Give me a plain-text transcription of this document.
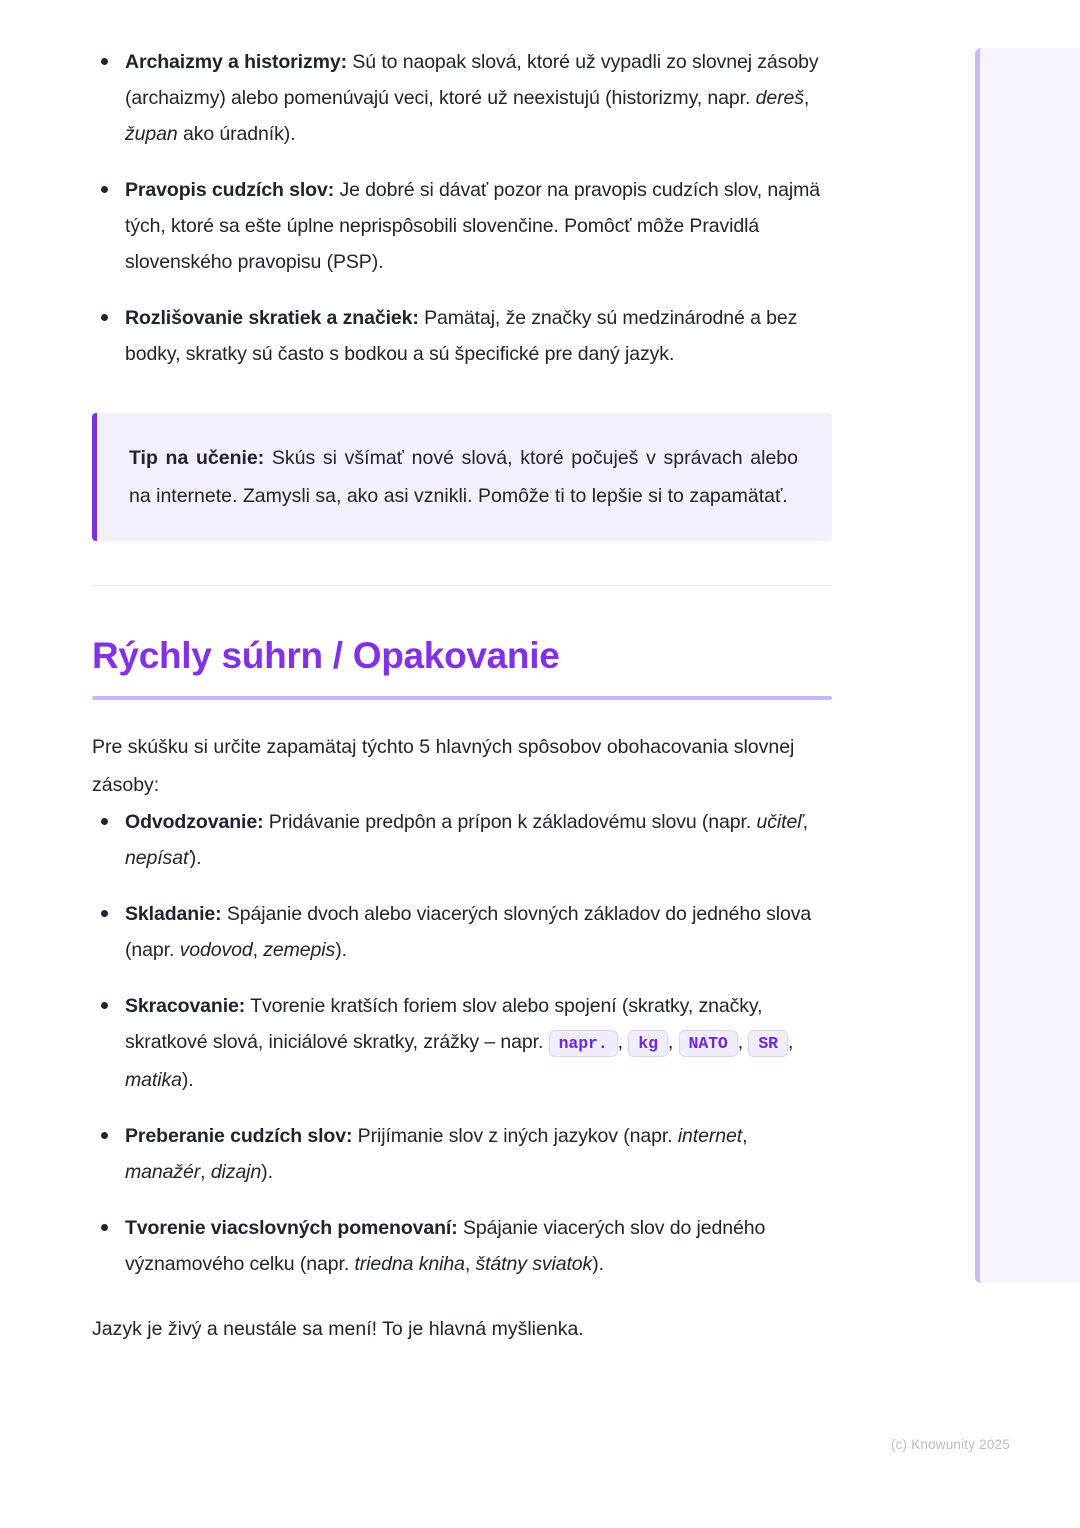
Archaizmy a historizmy: Sú to naopak slová, ktoré už vypadli zo slovnej zásoby (archaizmy) alebo pomenúvajú veci, ktoré už neexistujú (historizmy, napr. dereš, župan ako úradník).
Pravopis cudzích slov: Je dobré si dávať pozor na pravopis cudzích slov, najmä tých, ktoré sa ešte úplne neprispôsobili slovenčine. Pomôcť môže Pravidlá slovenského pravopisu (PSP).
Rozlišovanie skratiek a značiek: Pamätaj, že značky sú medzinárodné a bez bodky, skratky sú často s bodkou a sú špecifické pre daný jazyk.

Tip na učenie: Skús si všímať nové slová, ktoré počuješ v správach alebo na internete. Zamysli sa, ako asi vznikli. Pomôže ti to lepšie si to zapamätať.

Rýchly súhrn / Opakovanie

Pre skúšku si určite zapamätaj týchto 5 hlavných spôsobov obohacovania slovnej zásoby:

Odvodzovanie: Pridávanie predpôn a prípon k základovému slovu (napr. učiteľ, nepísať).
Skladanie: Spájanie dvoch alebo viacerých slovných základov do jedného slova (napr. vodovod, zemepis).
Skracovanie: Tvorenie kratších foriem slov alebo spojení (skratky, značky, skratkové slová, iniciálové skratky, zrážky – napr. napr. , kg , NATO , SR , matika).
Preberanie cudzích slov: Prijímanie slov z iných jazykov (napr. internet, manažér, dizajn).
Tvorenie viacslovných pomenovaní: Spájanie viacerých slov do jedného významového celku (napr. triedna kniha, štátny sviatok).

Jazyk je živý a neustále sa mení! To je hlavná myšlienka.

(c) Knowunity 2025
